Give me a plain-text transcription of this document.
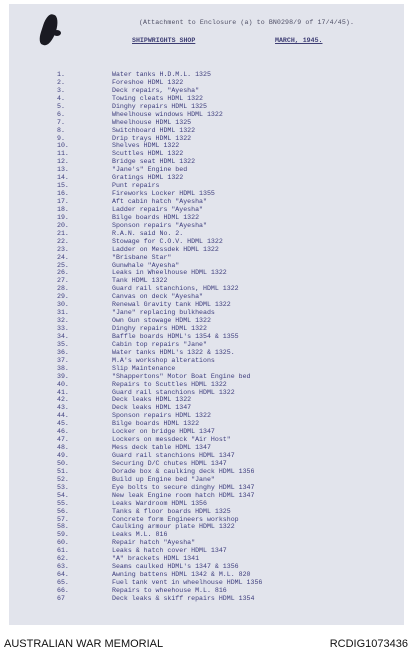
(Attachment to Enclosure (a) to BN0298/9 of 17/4/45).
SHIPWRIGHTS SHOP	MARCH, 1945.
1.	Water tanks H.D.M.L. 1325
2.	Foreshoe HDML 1322
3.	Deck repairs, "Ayesha"
4.	Towing cleats HDML 1322
5.	Dinghy repairs HDML 1325
6.	Wheelhouse windows HDML 1322
7.	Wheelhouse HDML 1325
8.	Switchboard HDML 1322
9.	Drip trays HDML 1322
10.	Shelves HDML 1322
11.	Scuttles HDML 1322
12.	Bridge seat HDML 1322
13.	"Jane's" Engine bed
14.	Gratings HDML 1322
15.	Punt repairs
16.	Fireworks Locker HDML 1355
17.	Aft cabin hatch "Ayesha"
18.	Ladder repairs "Ayesha"
19.	Bilge boards HDML 1322
20.	Sponson repairs "Ayesha"
21.	R.A.N. said No. 2.
22.	Stowage for C.O.V. HDML 1322
23.	Ladder on Messdek HDML 1322
24.	"Brisbane Star"
25.	Gunwhale "Ayesha"
26.	Leaks in Wheelhouse HDML 1322
27.	Tank HDML 1322
28.	Guard rail stanchions, HDML 1322
29.	Canvas on deck "Ayesha"
30.	Renewal Gravity tank HDML 1322
31.	"Jane" replacing bulkheads
32.	Own Gun stowage HDML 1322
33.	Dinghy repairs HDML 1322
34.	Baffle boards HDML's 1354 & 1355
35.	Cabin top repairs "Jane"
36.	Water tanks HDML's 1322 & 1325.
37.	M.A's workshop alterations
38.	Slip Maintenance
39.	"Shappertons" Motor Boat Engine bed
40.	Repairs to Scuttles HDML 1322
41.	Guard rail stanchions HDML 1322
42.	Deck leaks HDML 1322
43.	Deck leaks HDML 1347
44.	Sponson repairs HDML 1322
45.	Bilge boards HDML 1322
46.	Locker on bridge HDML 1347
47.	Lockers on messdeck "Air Host"
48.	Mess deck table HDML 1347
49.	Guard rail stanchions HDML 1347
50.	Securing D/C chutes HDML 1347
51.	Dorade box & caulking deck HDML 1356
52.	Build up Engine bed "Jane"
53.	Eye bolts to secure dinghy HDML 1347
54.	New leak Engine room hatch HDML 1347
55.	Leaks Wardroom HDML 1356
56.	Tanks & floor boards HDML 1325
57.	Concrete form Engineers workshop
58.	Caulking armour plate HDML 1322
59.	Leaks M.L. 816
60.	Repair hatch "Ayesha"
61.	Leaks & hatch cover HDML 1347
62.	"A" brackets HDML 1341
63.	Seams caulked HDML's 1347 & 1356
64.	Awning battens HDML 1342 & M.L. 820
65.	Fuel tank vent in wheelhouse HDML 1356
66.	Repairs to wheehouse M.L. 816
67	Deck leaks & skiff repairs HDML 1354
AUSTRALIAN WAR MEMORIAL	RCDIG1073436
